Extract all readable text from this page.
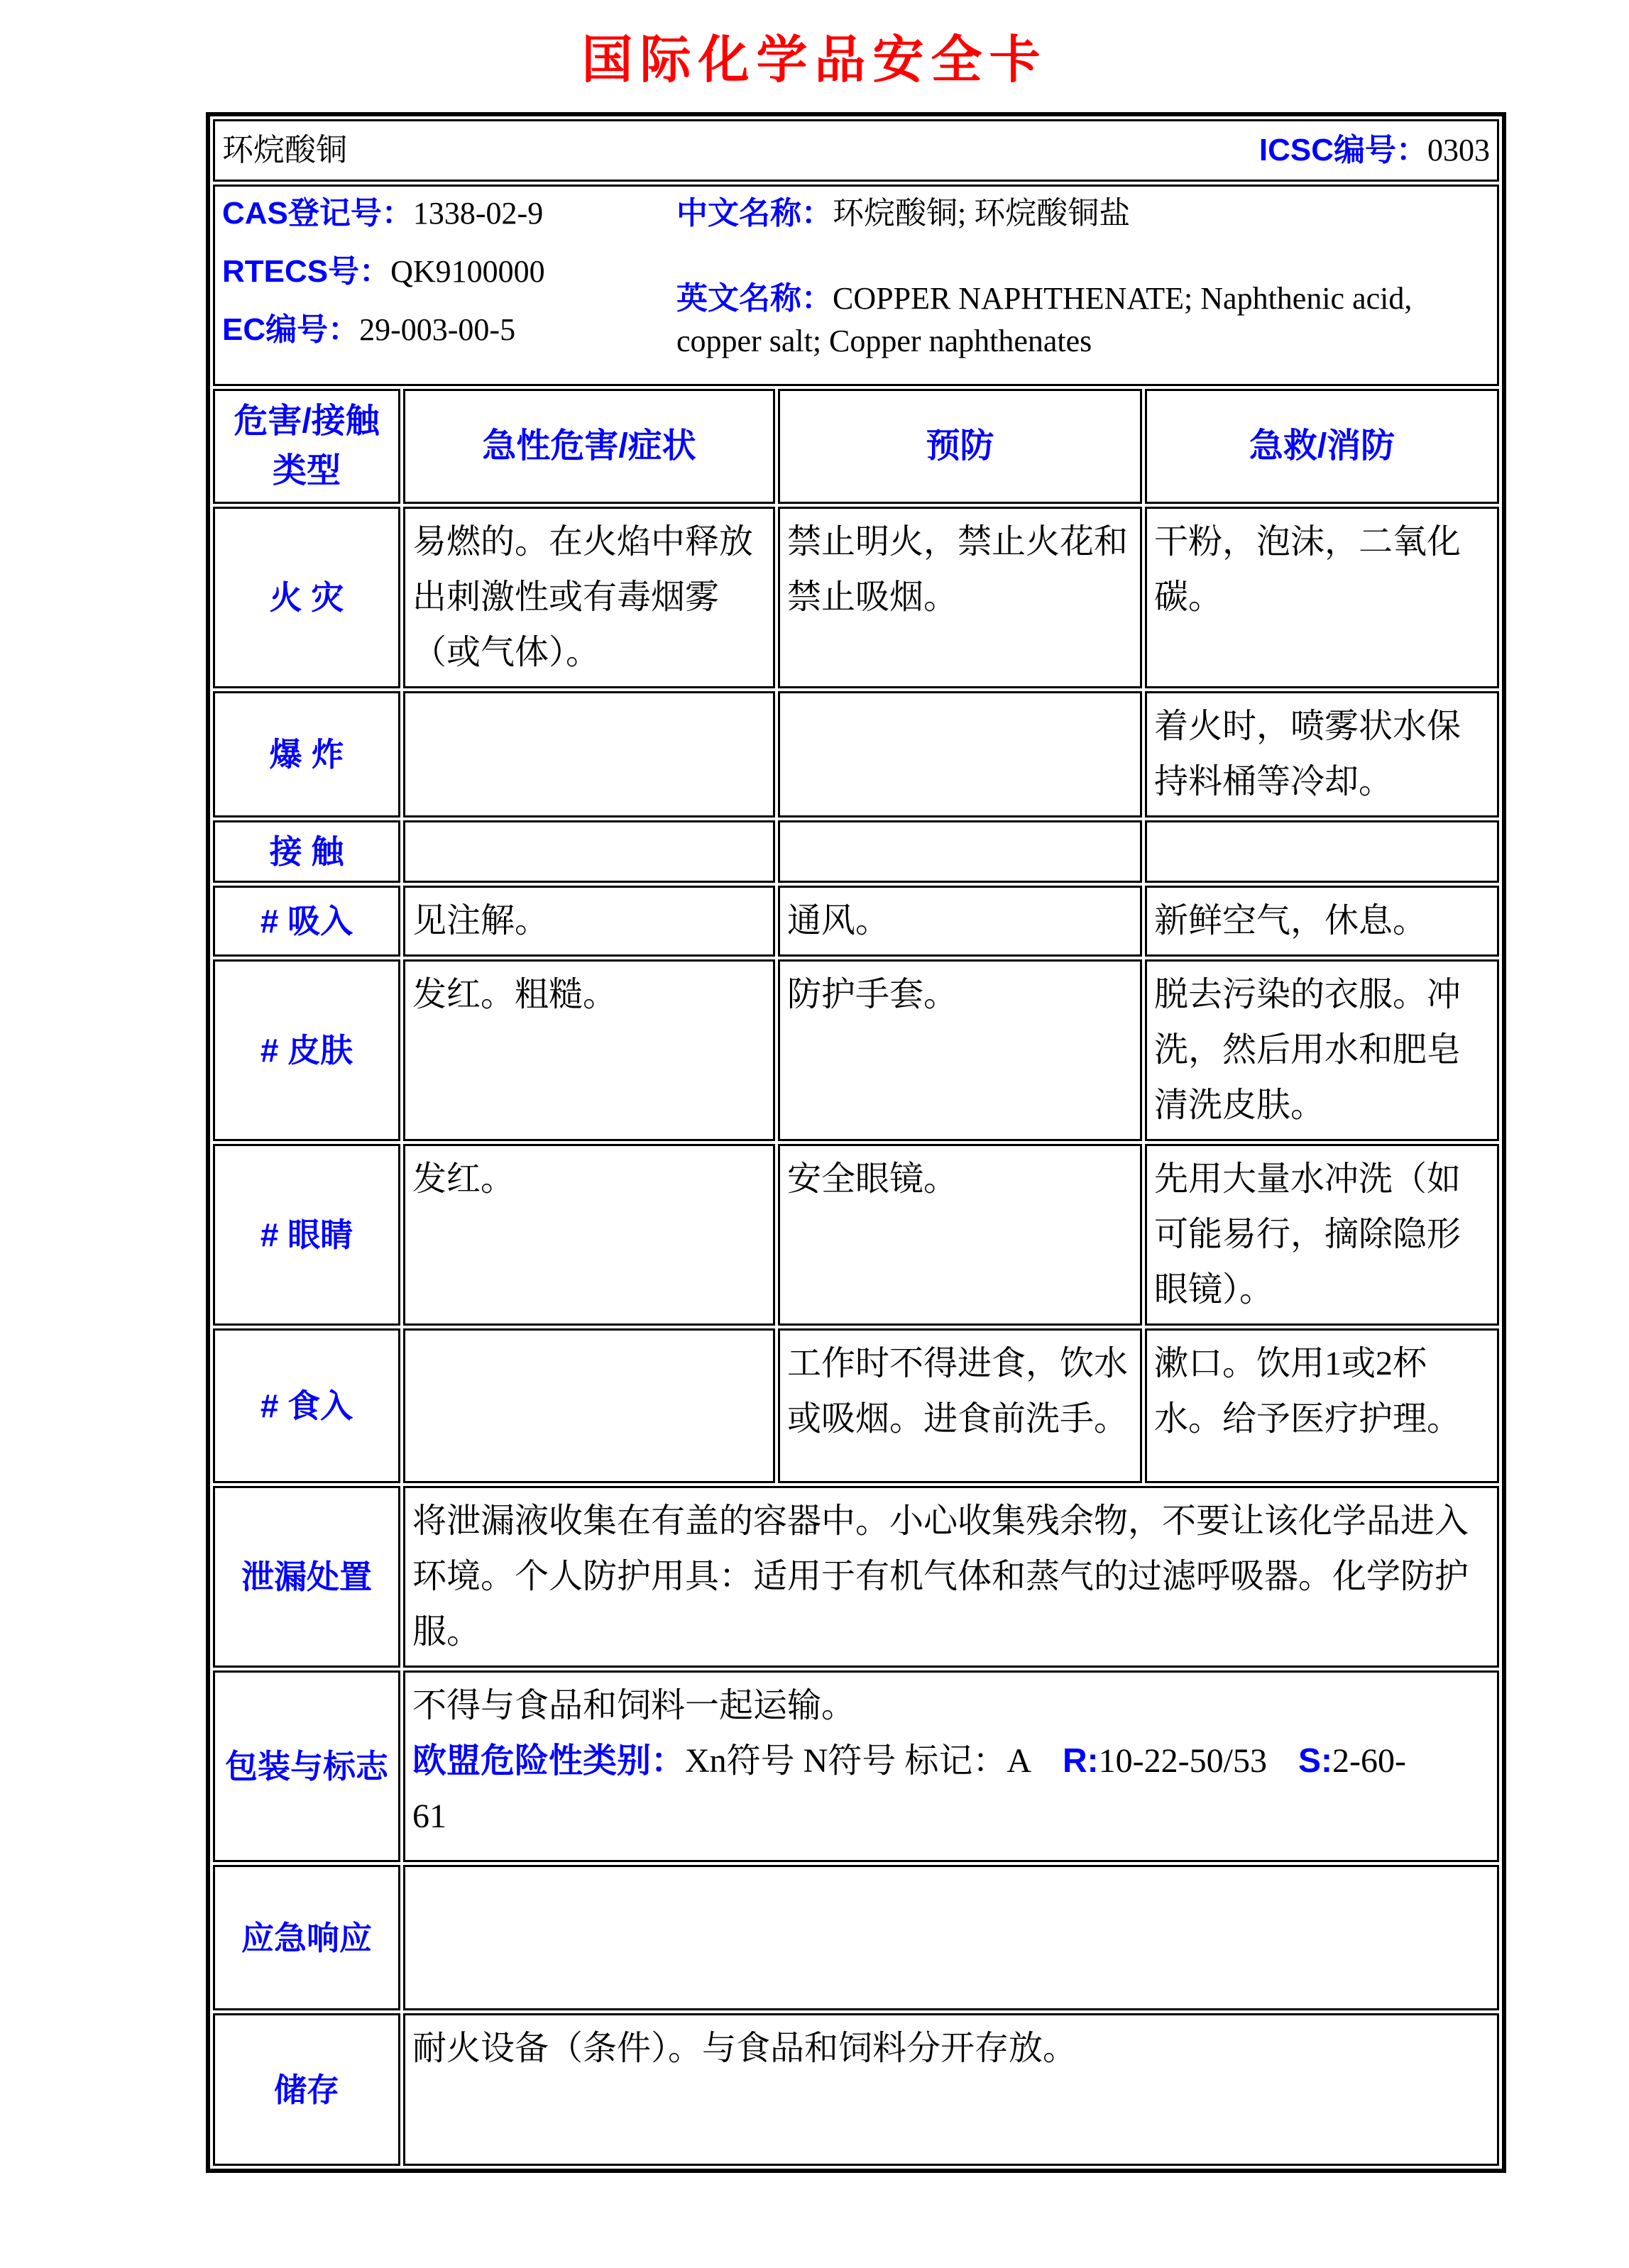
国际化学品安全卡
环烷酸铜 ICSC编号：0303			

CAS登记号：1338-02-9
RTECS号：QK9100000
EC编号：29-003-00-5
中文名称：环烷酸铜; 环烷酸铜盐
英文名称：COPPER NAPHTHENATE; Naphthenic acid, copper salt; Copper naphthenates			

危害/接触类型	急性危害/症状	预防	急救/消防
火 灾	易燃的。在火焰中释放出刺激性或有毒烟雾（或气体）。	禁止明火，禁止火花和禁止吸烟。	干粉，泡沫，二氧化碳。
爆 炸			着火时，喷雾状水保持料桶等冷却。
接 触			
# 吸入	见注解。	通风。	新鲜空气，休息。
# 皮肤	发红。粗糙。	防护手套。	脱去污染的衣服。冲洗，然后用水和肥皂清洗皮肤。
# 眼睛	发红。	安全眼镜。	先用大量水冲洗（如可能易行，摘除隐形眼镜）。
# 食入		工作时不得进食，饮水或吸烟。进食前洗手。	漱口。饮用1或2杯水。给予医疗护理。
泄漏处置	将泄漏液收集在有盖的容器中。小心收集残余物，不要让该化学品进入环境。个人防护用具：适用于有机气体和蒸气的过滤呼吸器。化学防护服。		
包装与标志	不得与食品和饲料一起运输。
欧盟危险性类别：Xn符号 N符号 标记：A R:10-22-50/53 S:2-60-61		

应急响应			
储存	耐火设备（条件）。与食品和饲料分开存放。		
